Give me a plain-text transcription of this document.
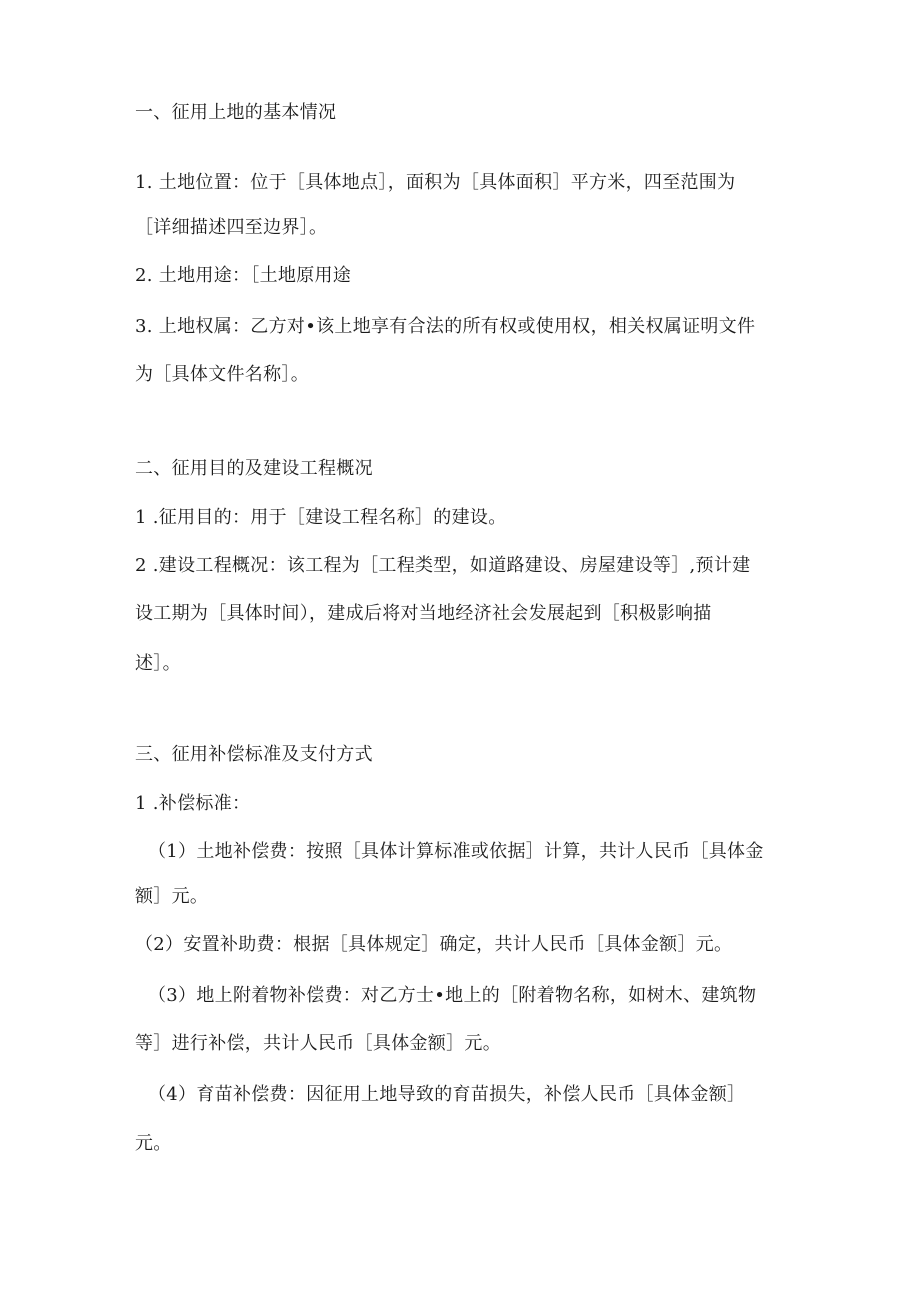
一、征用上地的基本情况

1. 土地位置：位于［具体地点］，面积为［具体面积］平方米，四至范围为

［详细描述四至边界］。

2. 土地用途：［土地原用途

3. 上地权属：乙方对•该上地享有合法的所有权或使用权，相关权属证明文件

为［具体文件名称］。

二、征用目的及建设工程概况

1 .征用目的：用于［建设工程名称］的建设。

2 .建设工程概况：该工程为［工程类型，如道路建设、房屋建设等］,预计建

设工期为［具体时间），建成后将对当地经济社会发展起到［积极影响描

述］。

三、征用补偿标准及支付方式

1 .补偿标准：

（1）土地补偿费：按照［具体计算标准或依据］计算，共计人民币［具体金

额］元。

（2）安置补助费：根据［具体规定］确定，共计人民币［具体金额］元。

（3）地上附着物补偿费：对乙方士•地上的［附着物名称，如树木、建筑物

等］进行补偿，共计人民币［具体金额］元。

（4）育苗补偿费：因征用上地导致的育苗损失，补偿人民币［具体金额］

元。
